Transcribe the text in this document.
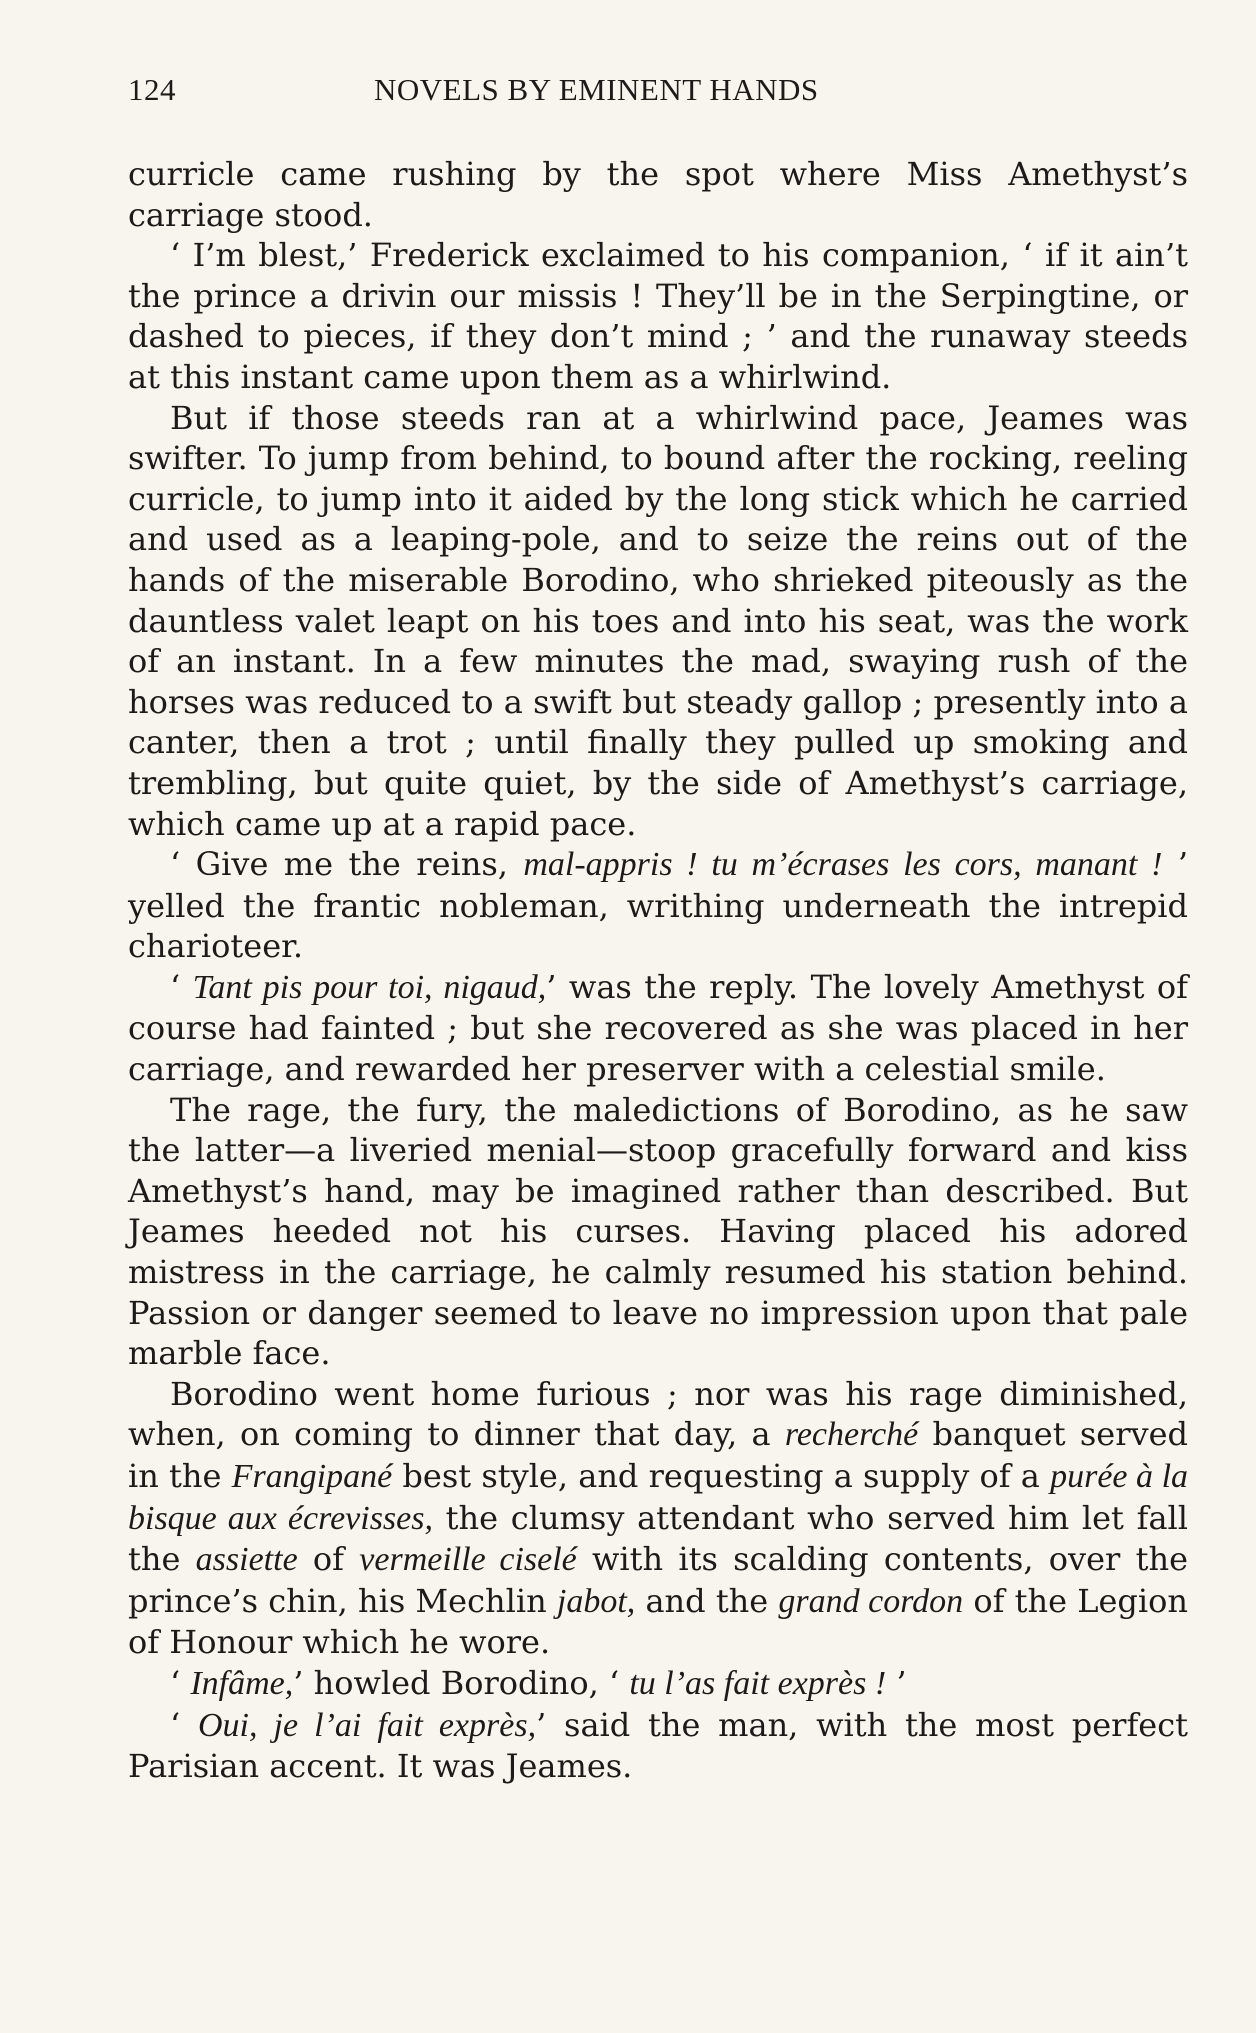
124	NOVELS BY EMINENT HANDS

curricle came rushing by the spot where Miss Amethyst’s carriage stood.

‘ I’m blest,’ Frederick exclaimed to his companion, ‘ if it ain’t the prince a drivin our missis ! They’ll be in the Serpingtine, or dashed to pieces, if they don’t mind ; ’ and the runaway steeds at this instant came upon them as a whirlwind.

But if those steeds ran at a whirlwind pace, Jeames was swifter. To jump from behind, to bound after the rocking, reeling curricle, to jump into it aided by the long stick which he carried and used as a leaping-pole, and to seize the reins out of the hands of the miserable Borodino, who shrieked piteously as the dauntless valet leapt on his toes and into his seat, was the work of an instant. In a few minutes the mad, swaying rush of the horses was reduced to a swift but steady gallop ; presently into a canter, then a trot ; until finally they pulled up smoking and trembling, but quite quiet, by the side of Amethyst’s carriage, which came up at a rapid pace.

‘ Give me the reins, mal-appris ! tu m’écrases les cors, manant ! ’ yelled the frantic nobleman, writhing underneath the intrepid charioteer.

‘ Tant pis pour toi, nigaud,’ was the reply. The lovely Amethyst of course had fainted ; but she recovered as she was placed in her carriage, and rewarded her preserver with a celestial smile.

The rage, the fury, the maledictions of Borodino, as he saw the latter—a liveried menial—stoop gracefully forward and kiss Amethyst’s hand, may be imagined rather than described. But Jeames heeded not his curses. Having placed his adored mistress in the carriage, he calmly resumed his station behind. Passion or danger seemed to leave no impression upon that pale marble face.

Borodino went home furious ; nor was his rage diminished, when, on coming to dinner that day, a recherché banquet served in the Frangipané best style, and requesting a supply of a purée à la bisque aux écrevisses, the clumsy attendant who served him let fall the assiette of vermeille ciselé with its scalding contents, over the prince’s chin, his Mechlin jabot, and the grand cordon of the Legion of Honour which he wore.

‘ Infâme,’ howled Borodino, ‘ tu l’as fait exprès ! ’

‘ Oui, je l’ai fait exprès,’ said the man, with the most perfect Parisian accent. It was Jeames.
